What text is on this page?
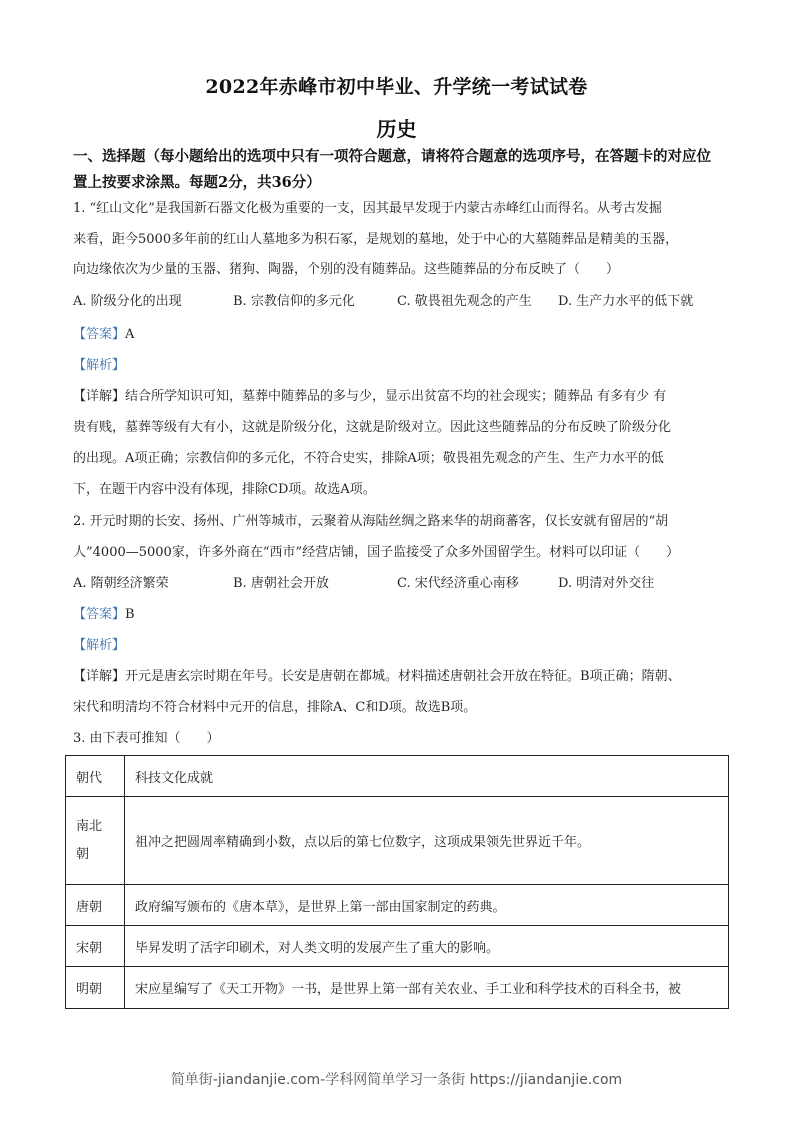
2022年赤峰市初中毕业、升学统一考试试卷
历史
一、选择题（每小题给出的选项中只有一项符合题意，请将符合题意的选项序号，在答题卡的对应位置上按要求涂黑。每题2分，共36分）
1. “红山文化”是我国新石器文化极为重要的一支，因其最早发现于内蒙古赤峰红山而得名。从考古发掘
来看，距今5000多年前的红山人墓地多为积石冢，是规划的墓地，处于中心的大墓随葬品是精美的玉器，
向边缘依次为少量的玉器、猪狗、陶器，个别的没有随葬品。这些随葬品的分布反映了（　　）
A. 阶级分化的出现	B. 宗教信仰的多元化	C. 敬畏祖先观念的产生 D. 生产力水平的低下就
【答案】A
【解析】
【详解】结合所学知识可知，墓葬中随葬品的多与少，显示出贫富不均的社会现实；随葬品 有多有少 有
贵有贱，墓葬等级有大有小，这就是阶级分化，这就是阶级对立。因此这些随葬品的分布反映了阶级分化
的出现。A项正确；宗教信仰的多元化，不符合史实，排除A项；敬畏祖先观念的产生、生产力水平的低
下，在题干内容中没有体现，排除CD项。故选A项。
2. 开元时期的长安、扬州、广州等城市，云聚着从海陆丝绸之路来华的胡商蕃客，仅长安就有留居的“胡
人”4000—5000家，许多外商在“西市”经营店铺，国子监接受了众多外国留学生。材料可以印证（　　）
A. 隋朝经济繁荣	B. 唐朝社会开放	C. 宋代经济重心南移	D. 明清对外交往
【答案】B
【解析】
【详解】开元是唐玄宗时期在年号。长安是唐朝在都城。材料描述唐朝社会开放在特征。B项正确；隋朝、
宋代和明清均不符合材料中元开的信息，排除A、C和D项。故选B项。
3. 由下表可推知（　　）
朝代	科技文化成就
南北朝	祖冲之把圆周率精确到小数，点以后的第七位数字，这项成果领先世界近千年。
唐朝	政府编写颁布的《唐本草》，是世界上第一部由国家制定的药典。
宋朝	毕昇发明了活字印刷术，对人类文明的发展产生了重大的影响。
明朝	宋应星编写了《天工开物》一书，是世界上第一部有关农业、手工业和科学技术的百科全书，被
简单街-jiandanjie.com-学科网简单学习一条街 https://jiandanjie.com
